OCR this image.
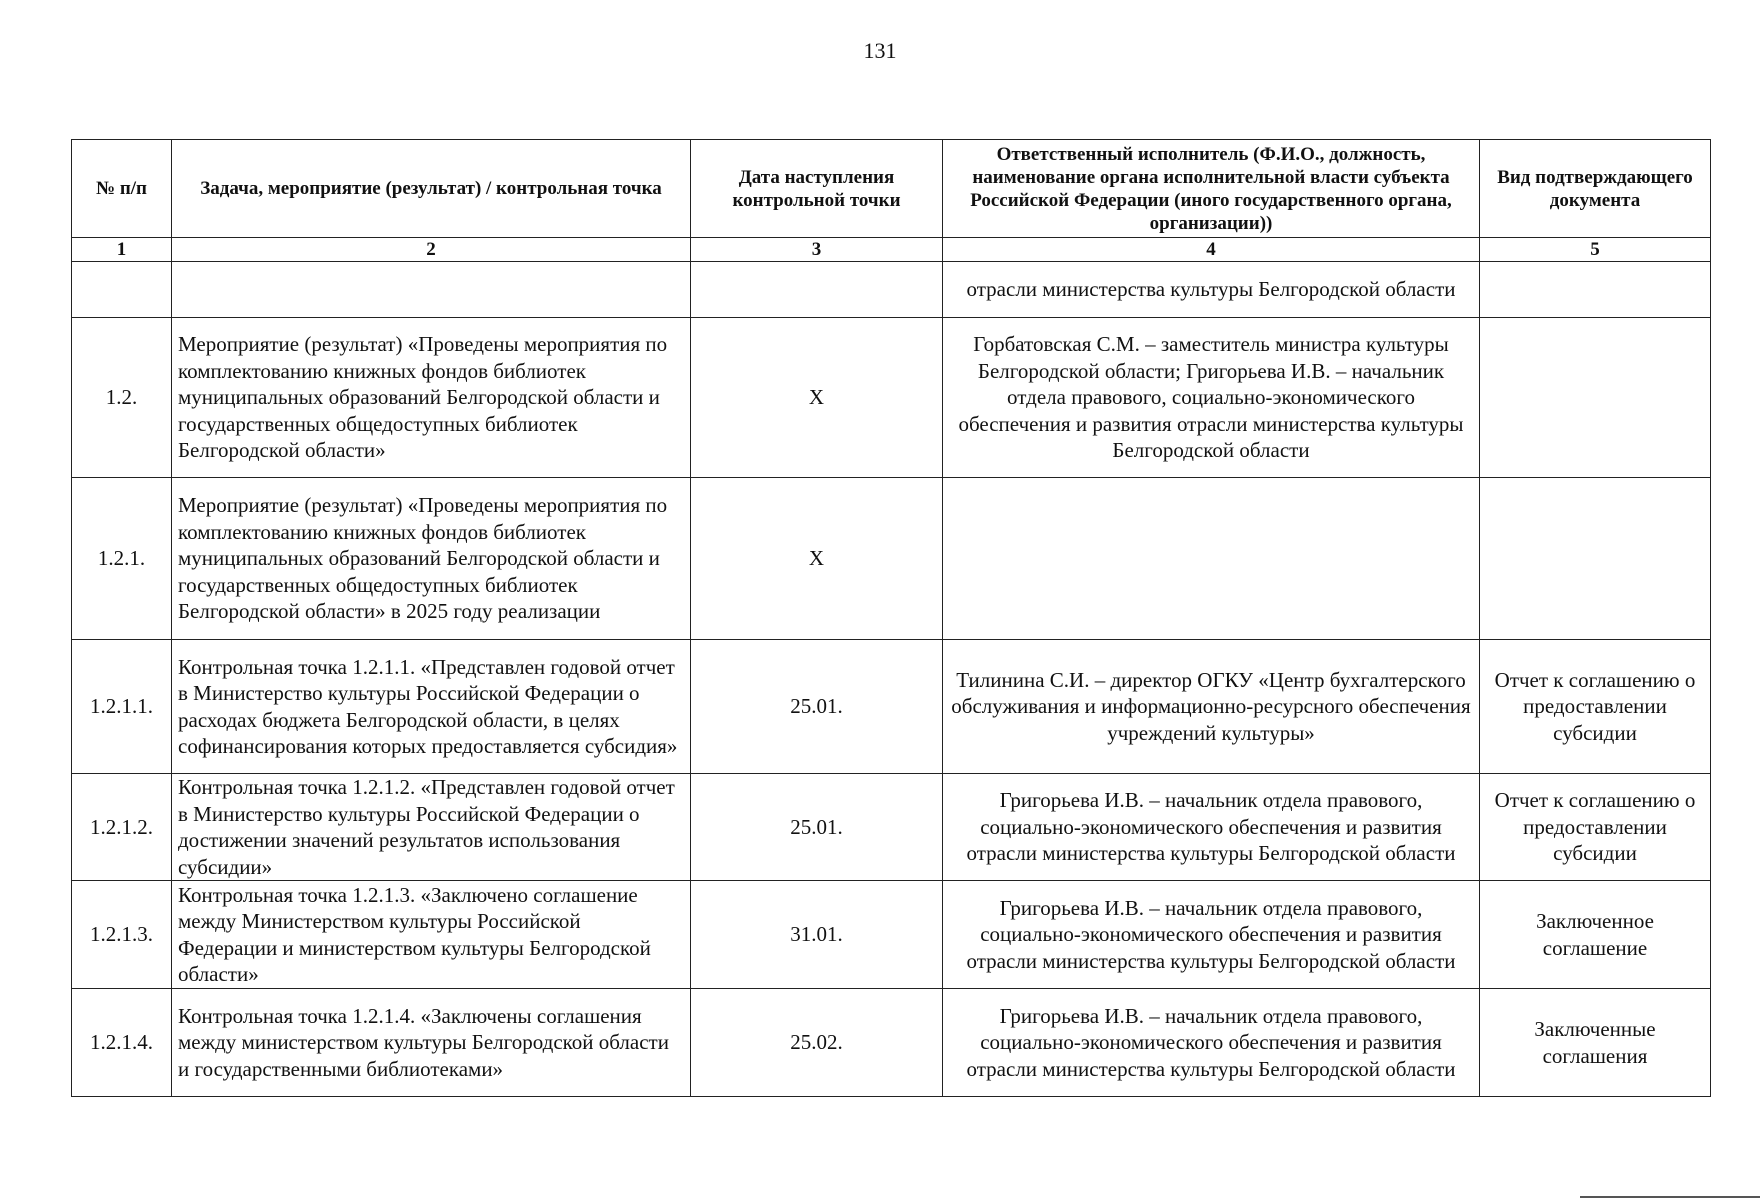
131
№ п/п	Задача, мероприятие (результат) / контрольная точка	Дата наступления контрольной точки	Ответственный исполнитель (Ф.И.О., должность, наименование органа исполнительной власти субъекта Российской Федерации (иного государственного органа, организации))	Вид подтверждающего документа
1	2	3	4	5
			отрасли министерства культуры Белгородской области	
1.2.	Мероприятие (результат) «Проведены мероприятия по комплектованию книжных фондов библиотек муниципальных образований Белгородской области и государственных общедоступных библиотек Белгородской области»	Х	Горбатовская С.М. – заместитель министра культуры Белгородской области; Григорьева И.В. – начальник отдела правового, социально-экономического обеспечения и развития отрасли министерства культуры Белгородской области	
1.2.1.	Мероприятие (результат) «Проведены мероприятия по комплектованию книжных фондов библиотек муниципальных образований Белгородской области и государственных общедоступных библиотек Белгородской области» в 2025 году реализации	Х		
1.2.1.1.	Контрольная точка 1.2.1.1. «Представлен годовой отчет в Министерство культуры Российской Федерации о расходах бюджета Белгородской области, в целях софинансирования которых предоставляется субсидия»	25.01.	Тилинина С.И. – директор ОГКУ «Центр бухгалтерского обслуживания и информационно-ресурсного обеспечения учреждений культуры»	Отчет к соглашению о предоставлении субсидии
1.2.1.2.	Контрольная точка 1.2.1.2. «Представлен годовой отчет в Министерство культуры Российской Федерации о достижении значений результатов использования субсидии»	25.01.	Григорьева И.В. – начальник отдела правового, социально-экономического обеспечения и развития отрасли министерства культуры Белгородской области	Отчет к соглашению о предоставлении субсидии
1.2.1.3.	Контрольная точка 1.2.1.3. «Заключено соглашение между Министерством культуры Российской Федерации и министерством культуры Белгородской области»	31.01.	Григорьева И.В. – начальник отдела правового, социально-экономического обеспечения и развития отрасли министерства культуры Белгородской области	Заключенное соглашение
1.2.1.4.	Контрольная точка 1.2.1.4. «Заключены соглашения между министерством культуры Белгородской области и государственными библиотеками»	25.02.	Григорьева И.В. – начальник отдела правового, социально-экономического обеспечения и развития отрасли министерства культуры Белгородской области	Заключенные соглашения
